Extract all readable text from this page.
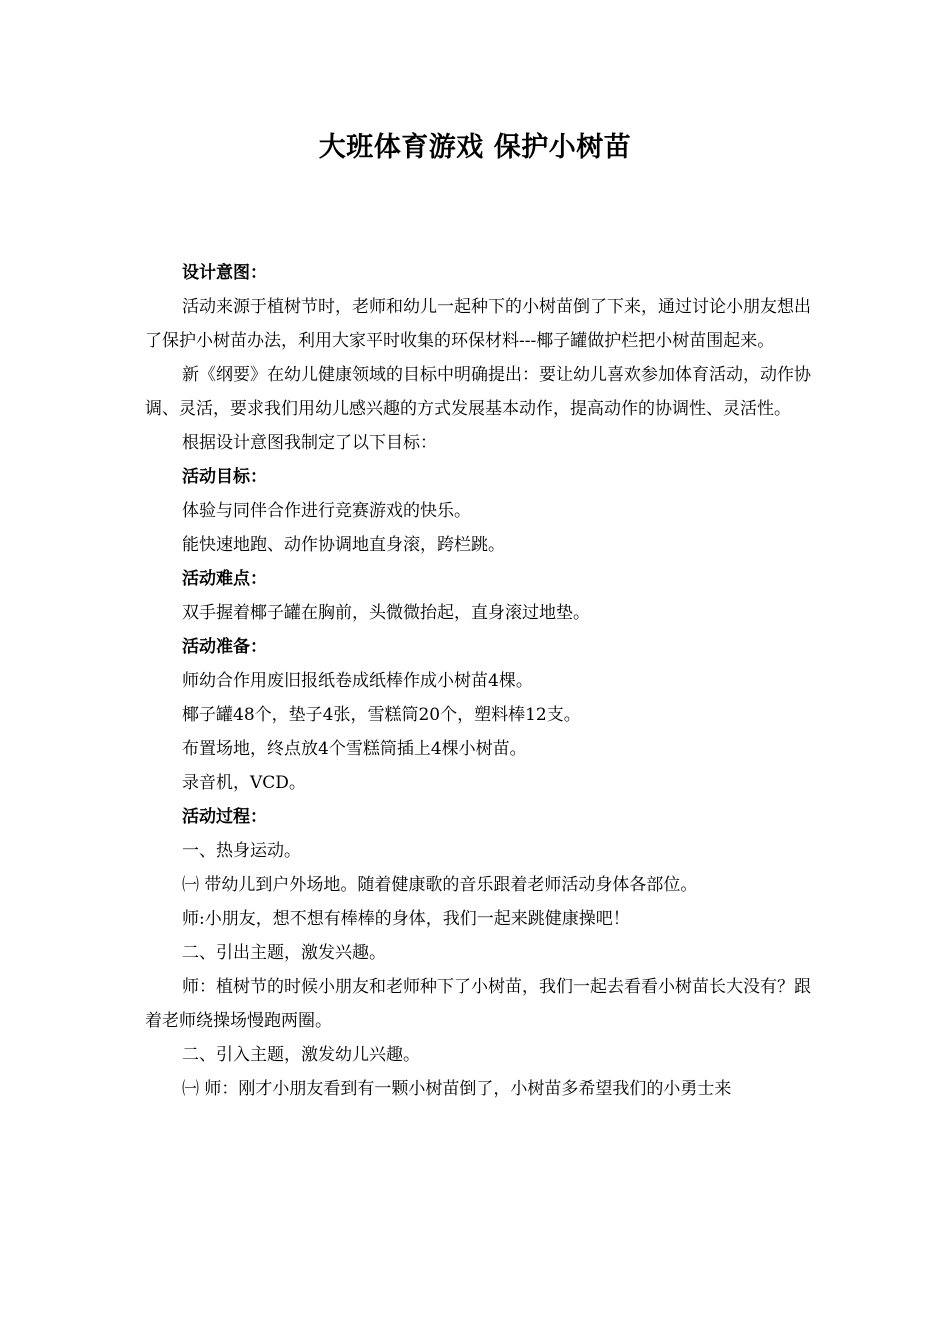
大班体育游戏 保护小树苗

设计意图：

活动来源于植树节时，老师和幼儿一起种下的小树苗倒了下来，通过讨论小朋友想出了保护小树苗办法，利用大家平时收集的环保材料---椰子罐做护栏把小树苗围起来。

新《纲要》在幼儿健康领域的目标中明确提出：要让幼儿喜欢参加体育活动，动作协调、灵活，要求我们用幼儿感兴趣的方式发展基本动作，提高动作的协调性、灵活性。

根据设计意图我制定了以下目标：

活动目标：

体验与同伴合作进行竞赛游戏的快乐。

能快速地跑、动作协调地直身滚，跨栏跳。

活动难点：

双手握着椰子罐在胸前，头微微抬起，直身滚过地垫。

活动准备：

师幼合作用废旧报纸卷成纸棒作成小树苗4棵。

椰子罐48个，垫子4张，雪糕筒20个，塑料棒12支。

布置场地，终点放4个雪糕筒插上4棵小树苗。

录音机，VCD。

活动过程：

一、热身运动。

㈠ 带幼儿到户外场地。随着健康歌的音乐跟着老师活动身体各部位。

师:小朋友，想不想有棒棒的身体，我们一起来跳健康操吧！

二、引出主题，激发兴趣。

师：植树节的时候小朋友和老师种下了小树苗，我们一起去看看小树苗长大没有？跟着老师绕操场慢跑两圈。

二、引入主题，激发幼儿兴趣。

㈠ 师：刚才小朋友看到有一颗小树苗倒了，小树苗多希望我们的小勇士来
